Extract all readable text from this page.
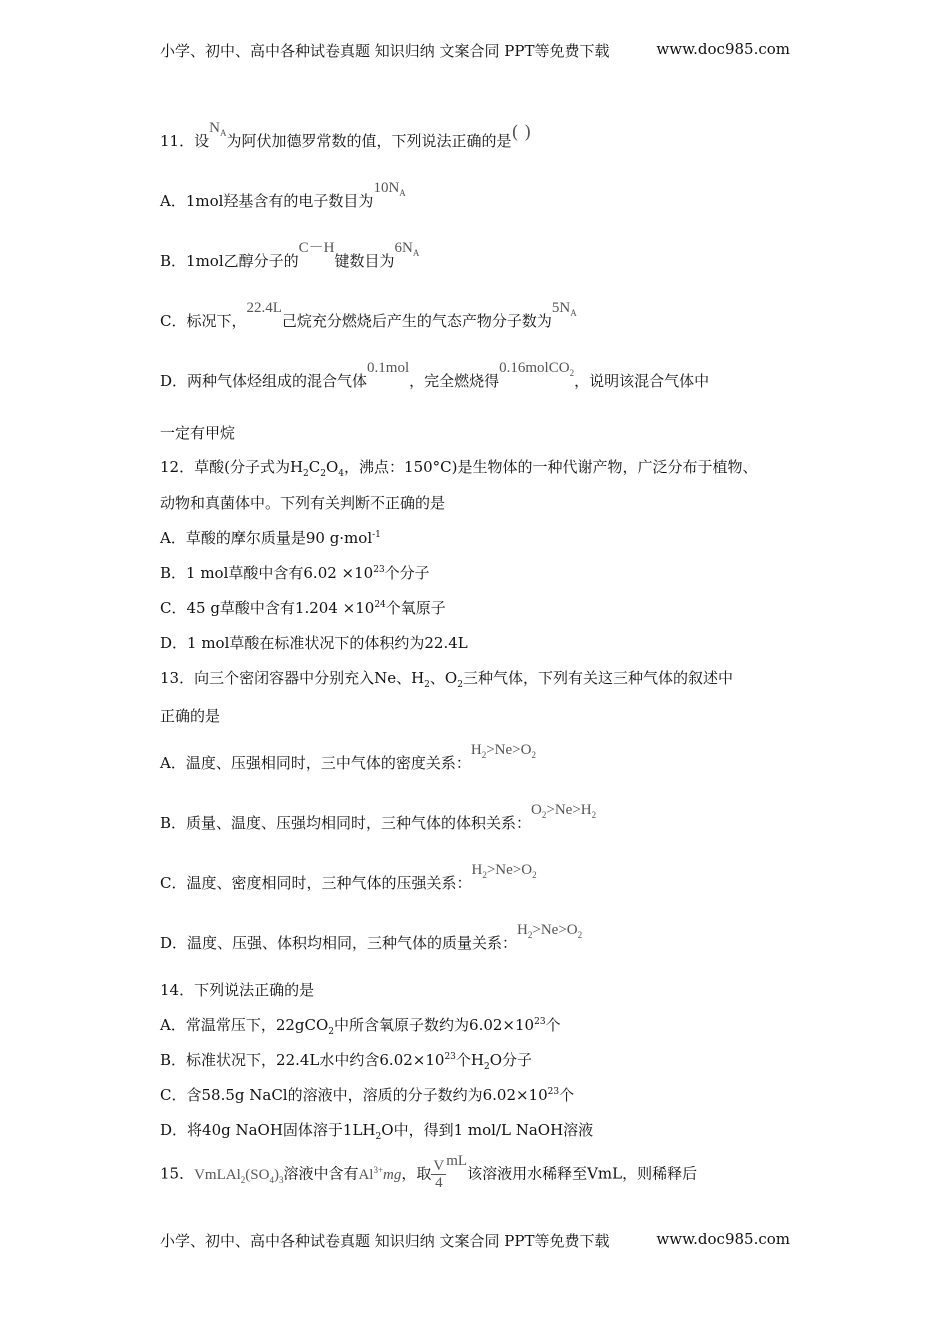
小学、初中、高中各种试卷真题 知识归纳 文案合同 PPT等免费下载	www.doc985.com
11．设$N_A$为阿伏加德罗常数的值，下列说法正确的是( )
A．1mol羟基含有的电子数目为$10N_A$
B．1mol乙醇分子的C－H键数目为$6N_A$
C．标况下，22.4L己烷充分燃烧后产生的气态产物分子数为$5N_A$
D．两种气体烃组成的混合气体0.1mol，完全燃烧得0.16molCO$_2$，说明该混合气体中
一定有甲烷
12．草酸(分子式为$H_2C_2O_4$，沸点：150°C)是生物体的一种代谢产物，广泛分布于植物、
动物和真菌体中。下列有关判断不正确的是
A．草酸的摩尔质量是90 g·mol$^{-1}$
B．1 mol草酸中含有$6.02 \times 10^{23}$个分子
C．45 g草酸中含有$1.204 \times 10^{24}$个氧原子
D．1 mol草酸在标准状况下的体积约为22.4L
13．向三个密闭容器中分别充入Ne、$H_2$、$O_2$三种气体，下列有关这三种气体的叙述中
正确的是
A．温度、压强相同时，三中气体的密度关系：$H_2>Ne>O_2$
B．质量、温度、压强均相同时，三种气体的体积关系：$O_2>Ne>H_2$
C．温度、密度相同时，三种气体的压强关系：$H_2>Ne>O_2$
D．温度、压强、体积均相同，三种气体的质量关系：$H_2>Ne>O_2$
14．下列说法正确的是
A．常温常压下，22gCO$_2$中所含氧原子数约为$6.02\times 10^{23}$个
B．标准状况下，22.4L水中约含$6.02\times 10^{23}$个$H_2O$分子
C．含58.5g NaCl的溶液中，溶质的分子数约为$6.02\times 10^{23}$个
D．将40g NaOH固体溶于$1LH_2O$中，得到1 mol/L NaOH溶液
15．$VmLAl_2(SO_4)_3$溶液中含有$Al^{3+}mg$，取 $\frac{V}{4}$ mL该溶液用水稀释至VmL，则稀释后
小学、初中、高中各种试卷真题 知识归纳 文案合同 PPT等免费下载	www.doc985.com
